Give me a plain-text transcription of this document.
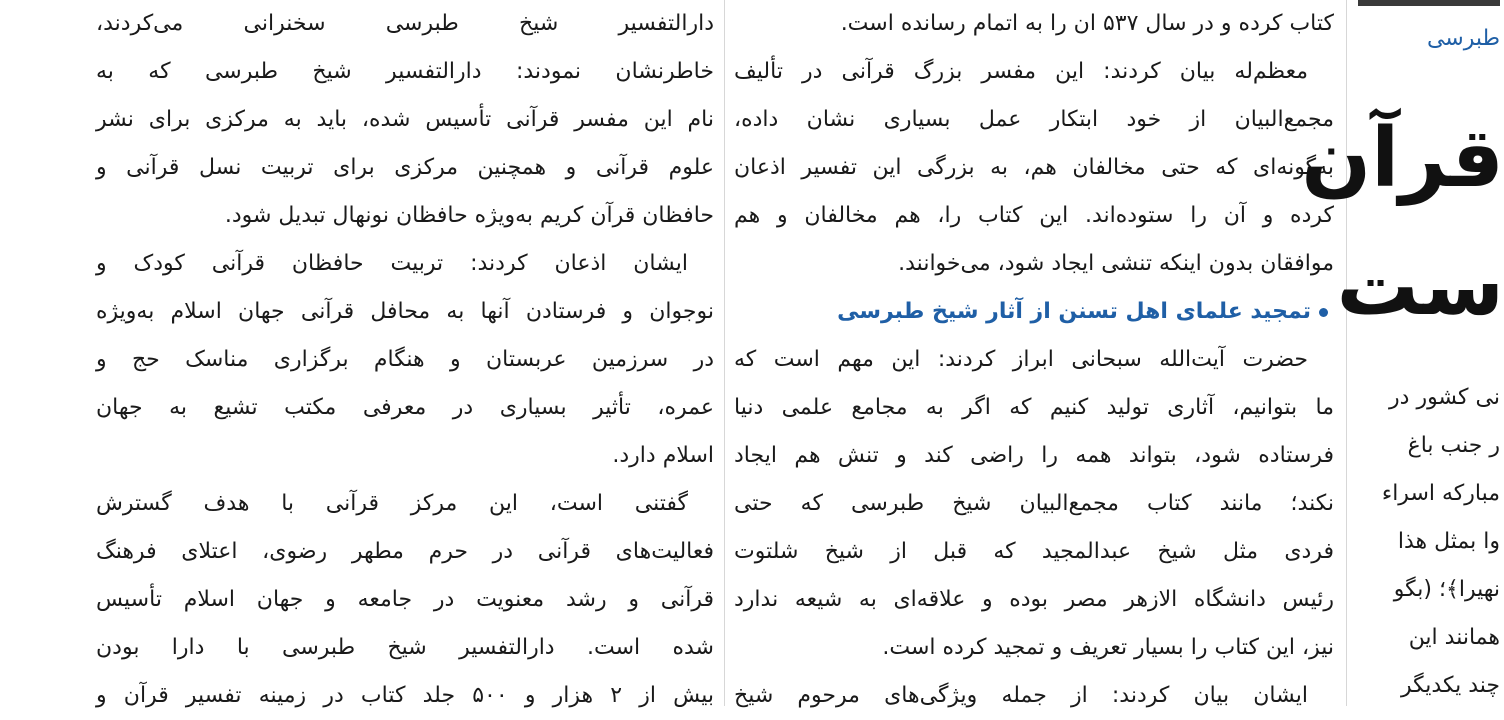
دارالتفسیر شیخ طبرسی سخنرانی می‌کردند،
خاطرنشان نمودند: دارالتفسیر شیخ طبرسی که به
نام این مفسر قرآنی تأسیس شده، باید به مرکزی برای نشر
علوم قرآنی و همچنین مرکزی برای تربیت نسل قرآنی و
حافظان قرآن کریم به‌ویژه حافظان نونهال تبدیل شود.
ایشان اذعان کردند: تربیت حافظان قرآنی کودک و
نوجوان و فرستادن آنها به محافل قرآنی جهان اسلام به‌ویژه
در سرزمین عربستان و هنگام برگزاری مناسک حج و
عمره، تأثیر بسیاری در معرفی مکتب تشیع به جهان
اسلام دارد.
گفتنی است، این مرکز قرآنی با هدف گسترش
فعالیت‌های قرآنی در حرم مطهر رضوی، اعتلای فرهنگ
قرآنی و رشد معنویت در جامعه و جهان اسلام تأسیس
شده است. دارالتفسیر شیخ طبرسی با دارا بودن
بیش از ۲ هزار و ۵۰۰ جلد کتاب در زمینه تفسیر قرآن و
کتاب کرده و در سال ۵۳۷ ان را به اتمام رسانده است.
معظم‌له بیان کردند: این مفسر بزرگ قرآنی در تألیف
مجمع‌البیان از خود ابتکار عمل بسیاری نشان داده،
به‌گونه‌ای که حتی مخالفان هم، به بزرگی این تفسیر اذعان
کرده و آن را ستوده‌اند. این کتاب را، هم مخالفان و هم
موافقان بدون اینکه تنشی ایجاد شود، می‌خوانند.
تمجید علمای اهل تسنن از آثار شیخ طبرسی
حضرت آیت‌الله سبحانی ابراز کردند: این مهم است که
ما بتوانیم، آثاری تولید کنیم که اگر به مجامع علمی دنیا
فرستاده شود، بتواند همه را راضی کند و تنش هم ایجاد
نکند؛ مانند کتاب مجمع‌البیان شیخ طبرسی که حتی
فردی مثل شیخ عبدالمجید که قبل از شیخ شلتوت
رئیس دانشگاه الازهر مصر بوده و علاقه‌ای به شیعه ندارد
نیز، این کتاب را بسیار تعریف و تمجید کرده است.
ایشان بیان کردند: از جمله ویژگی‌های مرحوم شیخ
طبرسی
قرآن
ست
نی کشور در
ر جنب باغ
مبارکه اسراء
وا بمثل هذا
نهیرا﴾؛ (بگو
همانند این
چند یکدیگر
